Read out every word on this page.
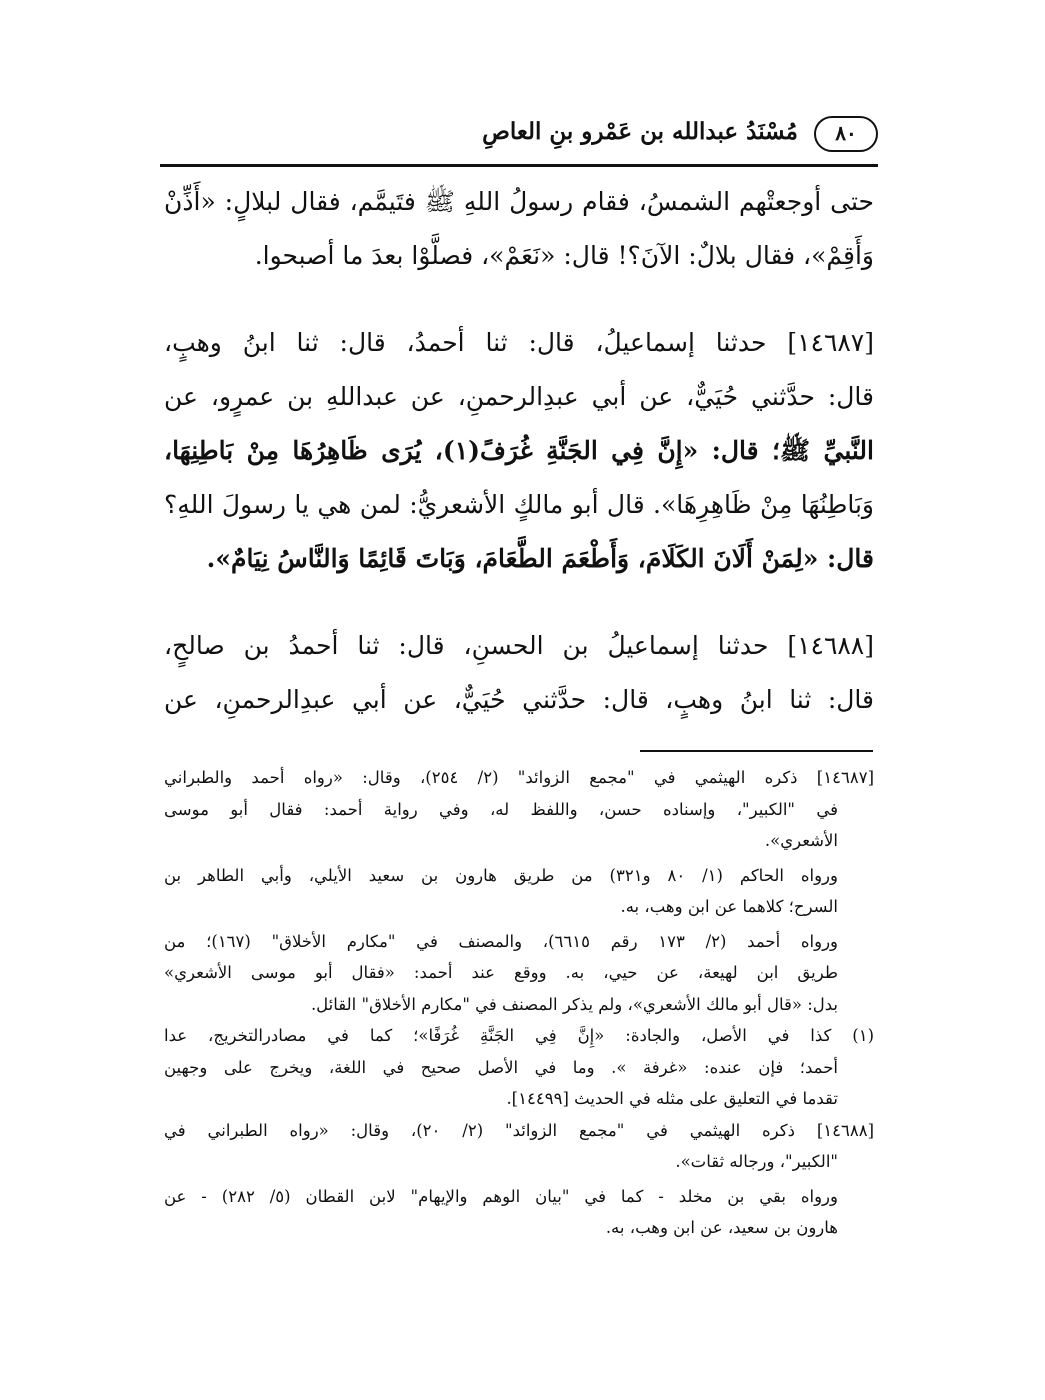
٨٠
مُسْنَدُ عبدالله بن عَمْرو بنِ العاصِ
حتى أوجعتْهم الشمسُ، فقام رسولُ اللهِ ﷺ فتَيمَّم، فقال لبلالٍ: «أَذِّنْ
وَأَقِمْ»، فقال بلالٌ: الآنَ؟! قال: «نَعَمْ»، فصلَّوْا بعدَ ما أصبحوا.
[١٤٦٨٧] حدثنا إسماعيلُ، قال: ثنا أحمدُ، قال: ثنا ابنُ وهبٍ،
قال: حدَّثني حُيَيٌّ، عن أبي عبدِالرحمنِ، عن عبداللهِ بن عمرٍو، عن
النَّبيِّ ﷺ؛ قال: «إِنَّ فِي الجَنَّةِ غُرَفً(١)، يُرَى ظَاهِرُهَا مِنْ بَاطِنِهَا،
وَبَاطِنُهَا مِنْ ظَاهِرِهَا». قال أبو مالكٍ الأشعريُّ: لمن هي يا رسولَ اللهِ؟
قال: «لِمَنْ أَلَانَ الكَلَامَ، وَأَطْعَمَ الطَّعَامَ، وَبَاتَ قَائِمًا وَالنَّاسُ نِيَامٌ».
[١٤٦٨٨] حدثنا إسماعيلُ بن الحسنِ، قال: ثنا أحمدُ بن صالحٍ،
قال: ثنا ابنُ وهبٍ، قال: حدَّثني حُيَيٌّ، عن أبي عبدِالرحمنِ، عن
[١٤٦٨٧] ذكره الهيثمي في "مجمع الزوائد" (٢/ ٢٥٤)، وقال: «رواه أحمد والطبراني
في "الكبير"، وإسناده حسن، واللفظ له، وفي رواية أحمد: فقال أبو موسى
الأشعري».
ورواه الحاكم (١/ ٨٠ و٣٢١) من طريق هارون بن سعيد الأيلي، وأبي الطاهر بن
السرح؛ كلاهما عن ابن وهب، به.
ورواه أحمد (٢/ ١٧٣ رقم ٦٦١٥)، والمصنف في "مكارم الأخلاق" (١٦٧)؛ من
طريق ابن لهيعة، عن حيي، به. ووقع عند أحمد: «فقال أبو موسى الأشعري»
بدل: «قال أبو مالك الأشعري»، ولم يذكر المصنف في "مكارم الأخلاق" القائل.
(١) كذا في الأصل، والجادة: «إِنَّ فِي الجَنَّةِ غُرَفًا»؛ كما في مصادرالتخريج، عدا
أحمد؛ فإن عنده: «غرفة ». وما في الأصل صحيح في اللغة، ويخرج على وجهين
تقدما في التعليق على مثله في الحديث [١٤٤٩٩].
[١٤٦٨٨] ذكره الهيثمي في "مجمع الزوائد" (٢/ ٢٠)، وقال: «رواه الطبراني في
"الكبير"، ورجاله ثقات».
ورواه بقي بن مخلد - كما في "بيان الوهم والإيهام" لابن القطان (٥/ ٢٨٢) - عن
هارون بن سعيد، عن ابن وهب، به.
